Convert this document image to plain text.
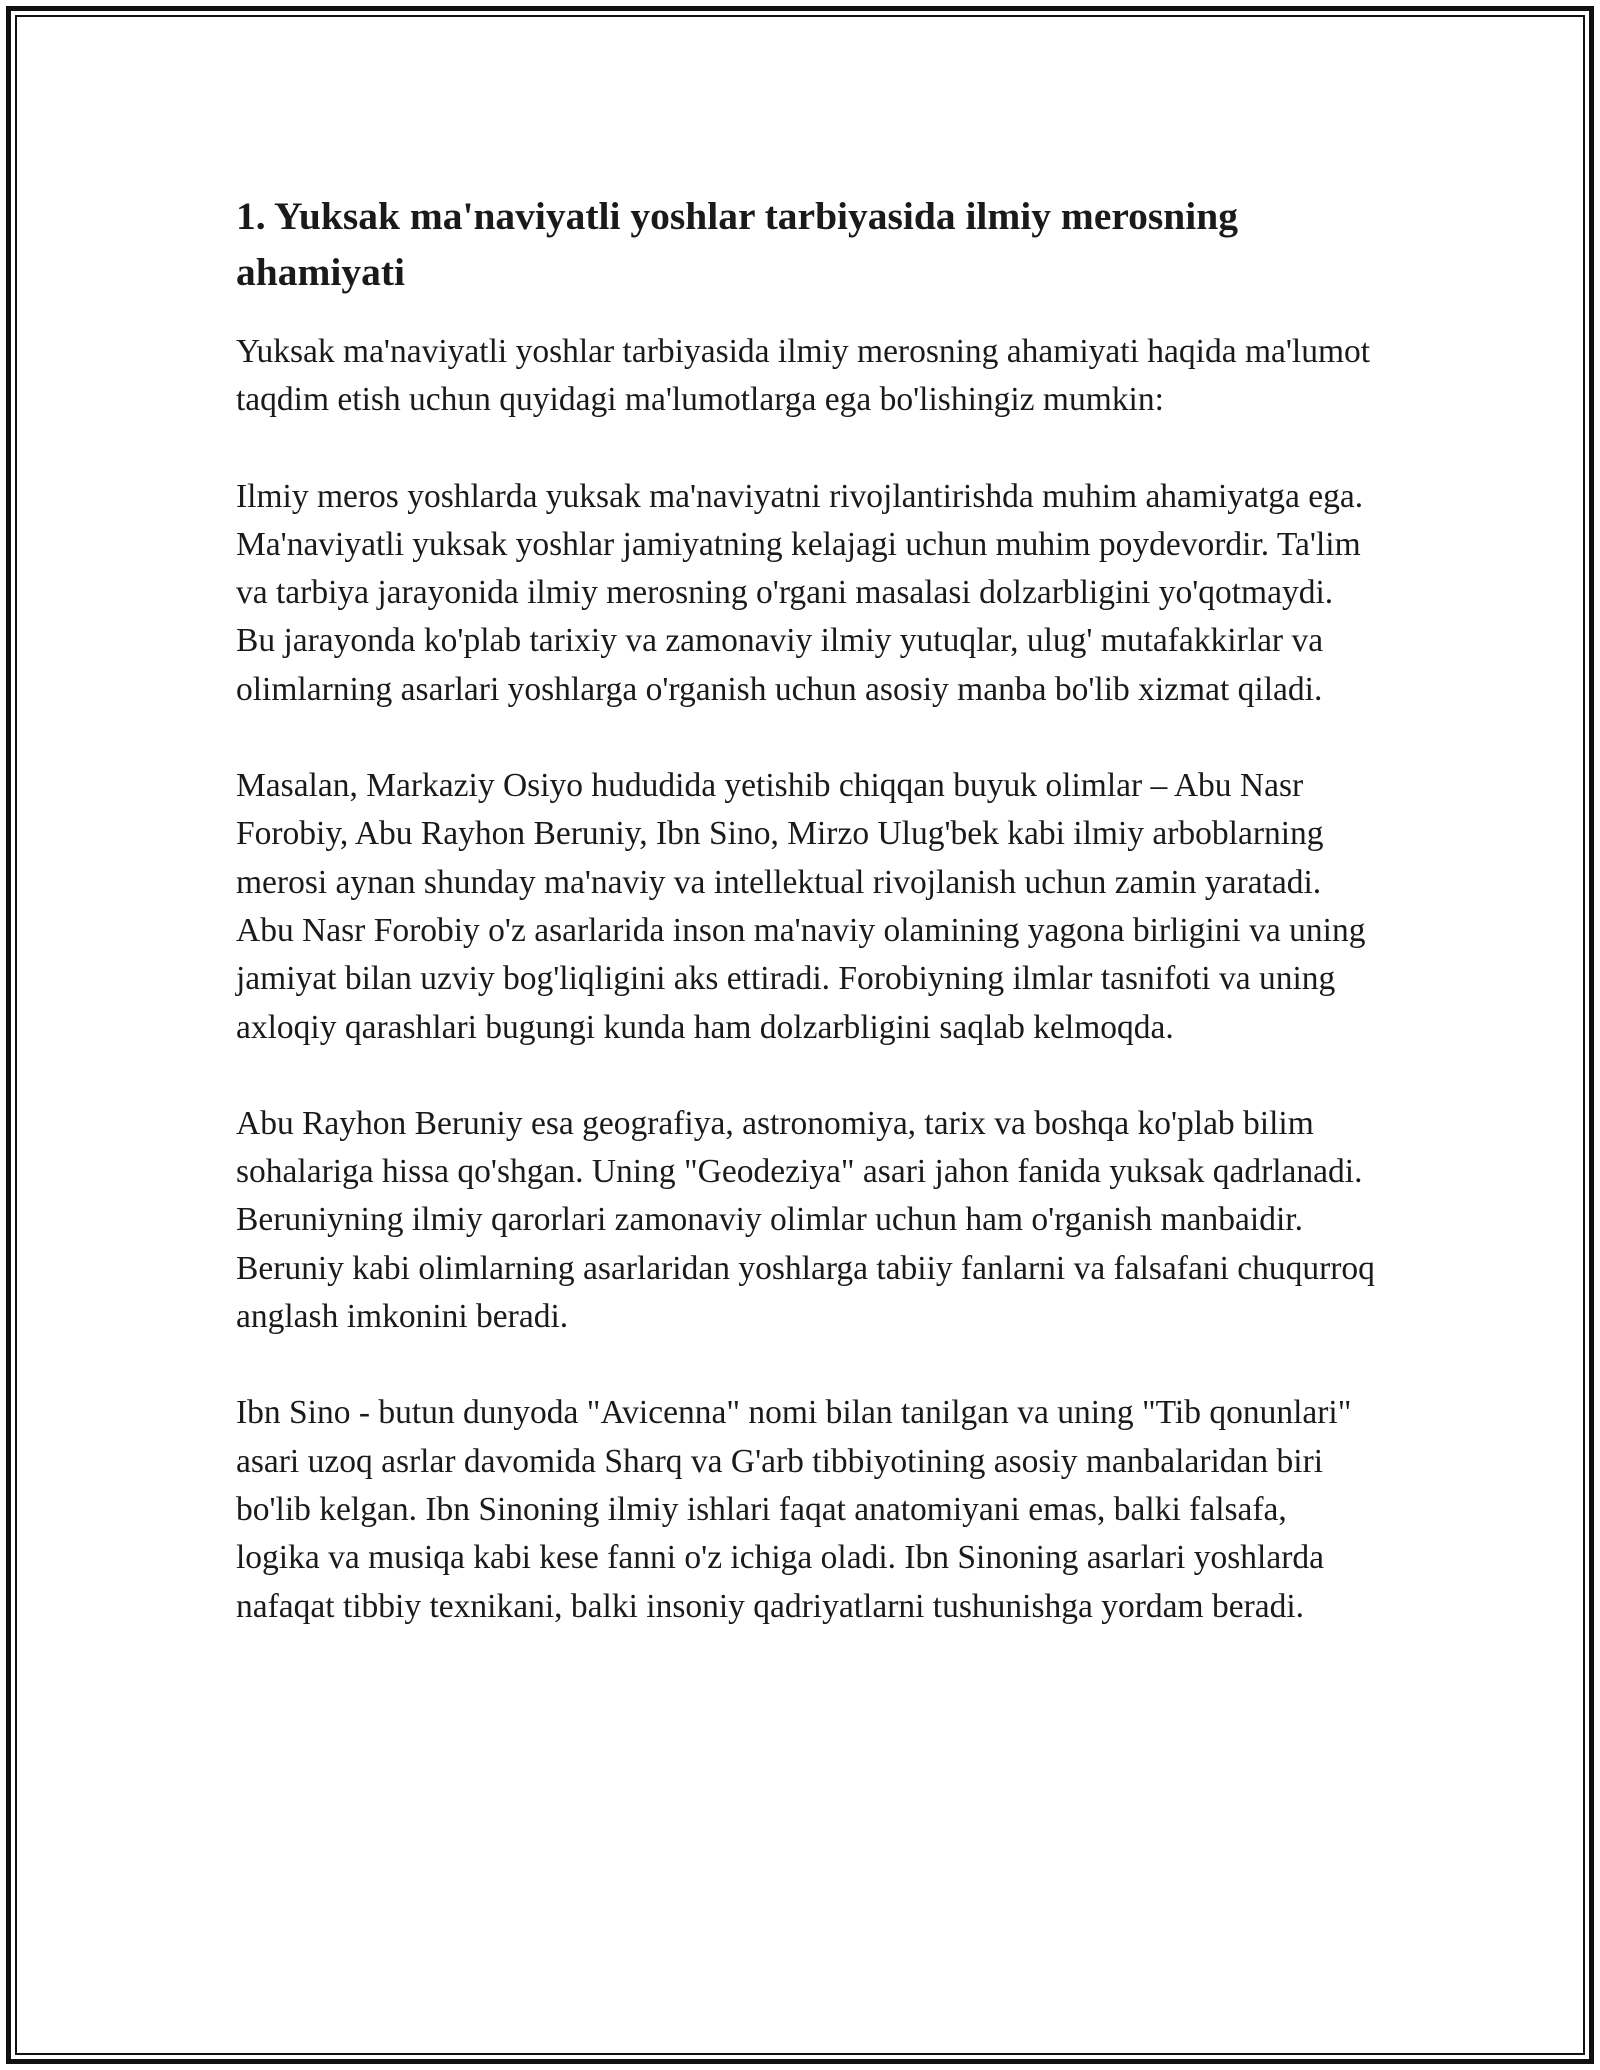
1. Yuksak ma'naviyatli yoshlar tarbiyasida ilmiy merosning ahamiyati

Yuksak ma'naviyatli yoshlar tarbiyasida ilmiy merosning ahamiyati haqida ma'lumot taqdim etish uchun quyidagi ma'lumotlarga ega bo'lishingiz mumkin:

Ilmiy meros yoshlarda yuksak ma'naviyatni rivojlantirishda muhim ahamiyatga ega. Ma'naviyatli yuksak yoshlar jamiyatning kelajagi uchun muhim poydevordir. Ta'lim va tarbiya jarayonida ilmiy merosning o'rgani masalasi dolzarbligini yo'qotmaydi. Bu jarayonda ko'plab tarixiy va zamonaviy ilmiy yutuqlar, ulug' mutafakkirlar va olimlarning asarlari yoshlarga o'rganish uchun asosiy manba bo'lib xizmat qiladi.

Masalan, Markaziy Osiyo hududida yetishib chiqqan buyuk olimlar – Abu Nasr Forobiy, Abu Rayhon Beruniy, Ibn Sino, Mirzo Ulug'bek kabi ilmiy arboblarning merosi aynan shunday ma'naviy va intellektual rivojlanish uchun zamin yaratadi. Abu Nasr Forobiy o'z asarlarida inson ma'naviy olamining yagona birligini va uning jamiyat bilan uzviy bog'liqligini aks ettiradi. Forobiyning ilmlar tasnifoti va uning axloqiy qarashlari bugungi kunda ham dolzarbligini saqlab kelmoqda.

Abu Rayhon Beruniy esa geografiya, astronomiya, tarix va boshqa ko'plab bilim sohalariga hissa qo'shgan. Uning "Geodeziya" asari jahon fanida yuksak qadrlanadi. Beruniyning ilmiy qarorlari zamonaviy olimlar uchun ham o'rganish manbaidir. Beruniy kabi olimlarning asarlaridan yoshlarga tabiiy fanlarni va falsafani chuqurroq anglash imkonini beradi.

Ibn Sino - butun dunyoda "Avicenna" nomi bilan tanilgan va uning "Tib qonunlari" asari uzoq asrlar davomida Sharq va G'arb tibbiyotining asosiy manbalaridan biri bo'lib kelgan. Ibn Sinoning ilmiy ishlari faqat anatomiyani emas, balki falsafa, logika va musiqa kabi kese fanni o'z ichiga oladi. Ibn Sinoning asarlari yoshlarda nafaqat tibbiy texnikani, balki insoniy qadriyatlarni tushunishga yordam beradi.
